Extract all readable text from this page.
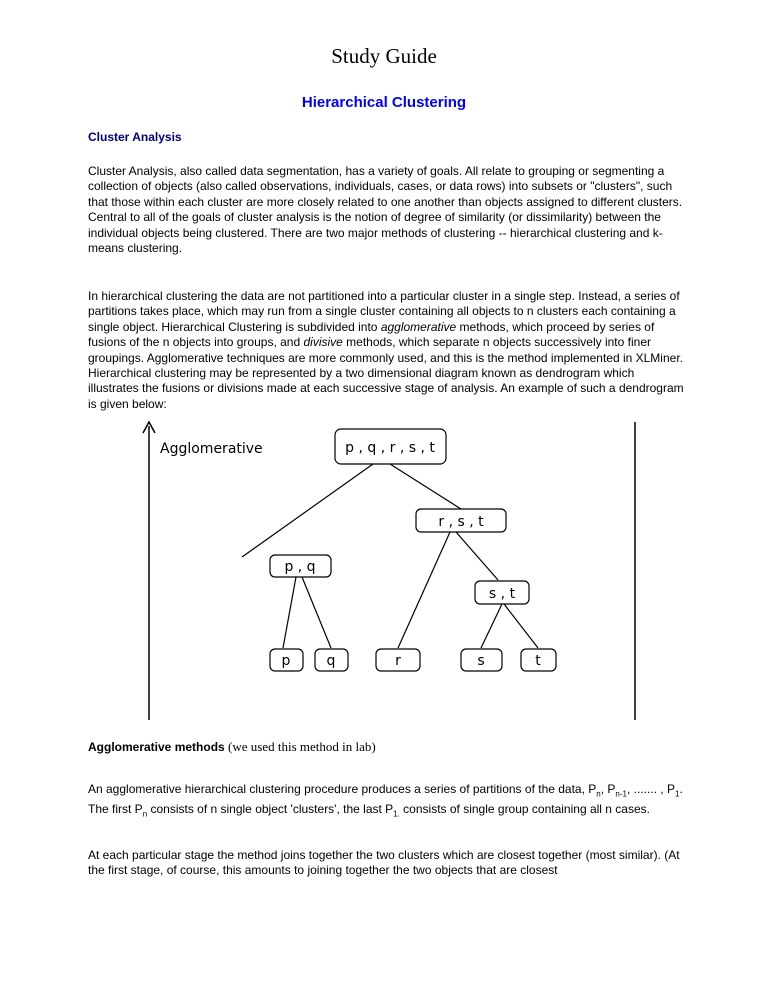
Study Guide
Hierarchical Clustering
Cluster Analysis
Cluster Analysis, also called data segmentation, has a variety of goals. All relate to grouping or segmenting a collection of objects (also called observations, individuals, cases, or data rows) into subsets or "clusters", such that those within each cluster are more closely related to one another than objects assigned to different clusters. Central to all of the goals of cluster analysis is the notion of degree of similarity (or dissimilarity) between the individual objects being clustered. There are two major methods of clustering -- hierarchical clustering and k-means clustering.
In hierarchical clustering the data are not partitioned into a particular cluster in a single step. Instead, a series of partitions takes place, which may run from a single cluster containing all objects to n clusters each containing a single object. Hierarchical Clustering is subdivided into agglomerative methods, which proceed by series of fusions of the n objects into groups, and divisive methods, which separate n objects successively into finer groupings. Agglomerative techniques are more commonly used, and this is the method implemented in XLMiner. Hierarchical clustering may be represented by a two dimensional diagram known as dendrogram which illustrates the fusions or divisions made at each successive stage of analysis. An example of such a dendrogram is given below:
Agglomerative	p , q , r , s , t
r , s , t
p , q
s , t
p	q	r	s	t
Agglomerative methods (we used this method in lab)
An agglomerative hierarchical clustering procedure produces a series of partitions of the data, $P_n$, $P_{n-1}$, ....... , $P_1$. The first $P_n$ consists of n single object 'clusters', the last $P_{1.}$ consists of single group containing all n cases.
At each particular stage the method joins together the two clusters which are closest together (most similar). (At the first stage, of course, this amounts to joining together the two objects that are closest
